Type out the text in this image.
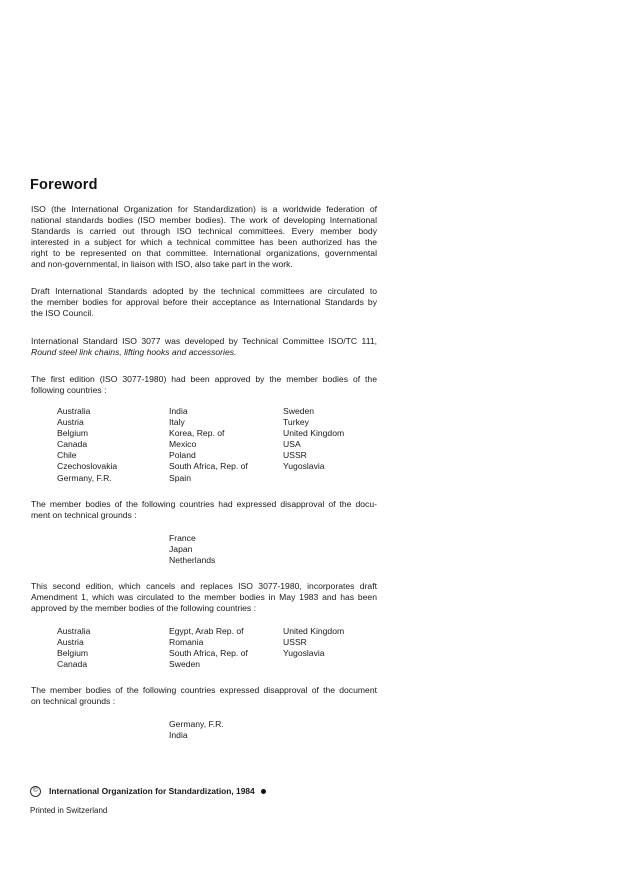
Foreword
ISO (the International Organization for Standardization) is a worldwide federation of
national standards bodies (ISO member bodies). The work of developing International
Standards is carried out through ISO technical committees. Every member body
interested in a subject for which a technical committee has been authorized has the
right to be represented on that committee. International organizations, governmental
and non-governmental, in liaison with ISO, also take part in the work.
Draft International Standards adopted by the technical committees are circulated to
the member bodies for approval before their acceptance as International Standards by
the ISO Council.
International Standard ISO 3077 was developed by Technical Committee ISO/TC 111,
Round steel link chains, lifting hooks and accessories.
The first edition (ISO 3077-1980) had been approved by the member bodies of the
following countries :
Australia
Austria
Belgium
Canada
Chile
Czechoslovakia
Germany, F.R.
India
Italy
Korea, Rep. of
Mexico
Poland
South Africa, Rep. of
Spain
Sweden
Turkey
United Kingdom
USA
USSR
Yugoslavia
The member bodies of the following countries had expressed disapproval of the docu-
ment on technical grounds :
France
Japan
Netherlands
This second edition, which cancels and replaces ISO 3077-1980, incorporates draft
Amendment 1, which was circulated to the member bodies in May 1983 and has been
approved by the member bodies of the following countries :
Australia
Austria
Belgium
Canada
Egypt, Arab Rep. of
Romania
South Africa, Rep. of
Sweden
United Kingdom
USSR
Yugoslavia
The member bodies of the following countries expressed disapproval of the document
on technical grounds :
Germany, F.R.
India
© International Organization for Standardization, 1984
Printed in Switzerland
